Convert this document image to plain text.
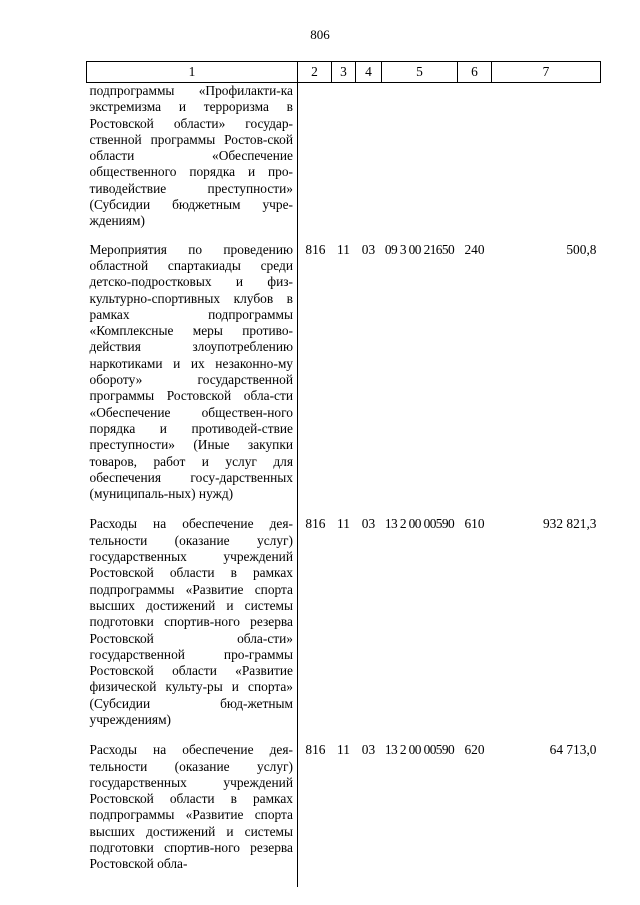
806
1	2	3	4	5	6	7
подпрограммы «Профилакти-ка экстремизма и терроризма в Ростовской области» государ-ственной программы Ростов-ской области «Обеспечение общественного порядка и про-тиводействие преступности» (Субсидии бюджетным учре-ждениям)						
Мероприятия по проведению областной спартакиады среди детско-подростковых и физ-культурно-спортивных клубов в рамках подпрограммы «Комплексные меры противо-действия злоупотреблению наркотиками и их незаконно-му обороту» государственной программы Ростовской обла-сти «Обеспечение обществен-ного порядка и противодей-ствие преступности» (Иные закупки товаров, работ и услуг для обеспечения госу-дарственных (муниципаль-ных) нужд)	816	11	03	09 3 00 21650	240	500,8
Расходы на обеспечение дея-тельности (оказание услуг) государственных учреждений Ростовской области в рамках подпрограммы «Развитие спорта высших достижений и системы подготовки спортив-ного резерва Ростовской обла-сти» государственной про-граммы Ростовской области «Развитие физической культу-ры и спорта» (Субсидии бюд-жетным учреждениям)	816	11	03	13 2 00 00590	610	932 821,3
Расходы на обеспечение дея-тельности (оказание услуг) государственных учреждений Ростовской области в рамках подпрограммы «Развитие спорта высших достижений и системы подготовки спортив-ного резерва Ростовской обла-	816	11	03	13 2 00 00590	620	64 713,0
